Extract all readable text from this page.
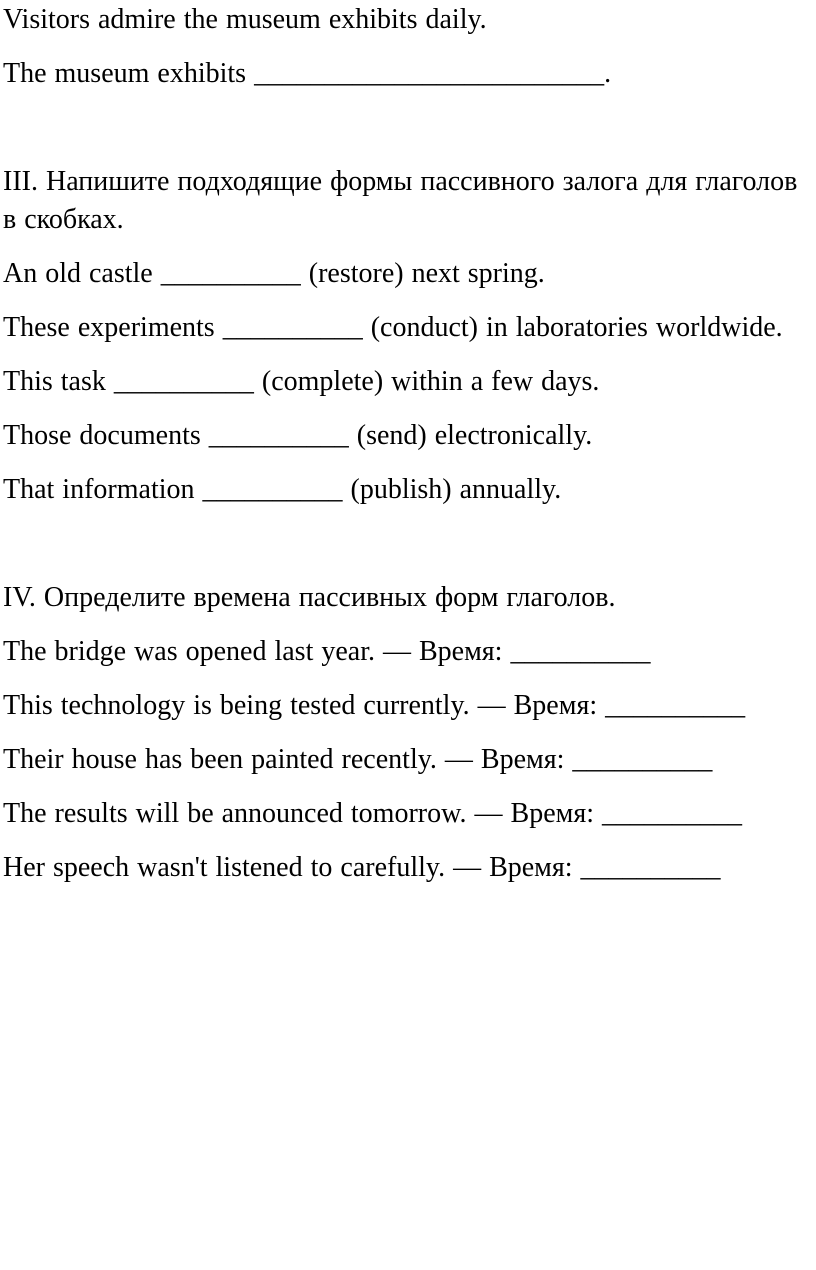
Visitors admire the museum exhibits daily.

The museum exhibits _________________________.

III. Напишите подходящие формы пассивного залога для глаголов в скобках.

An old castle __________ (restore) next spring.

These experiments __________ (conduct) in laboratories worldwide.

This task __________ (complete) within a few days.

Those documents __________ (send) electronically.

That information __________ (publish) annually.

IV. Определите времена пассивных форм глаголов.

The bridge was opened last year. — Время: __________

This technology is being tested currently. — Время: __________

Their house has been painted recently. — Время: __________

The results will be announced tomorrow. — Время: __________

Her speech wasn't listened to carefully. — Время: __________
